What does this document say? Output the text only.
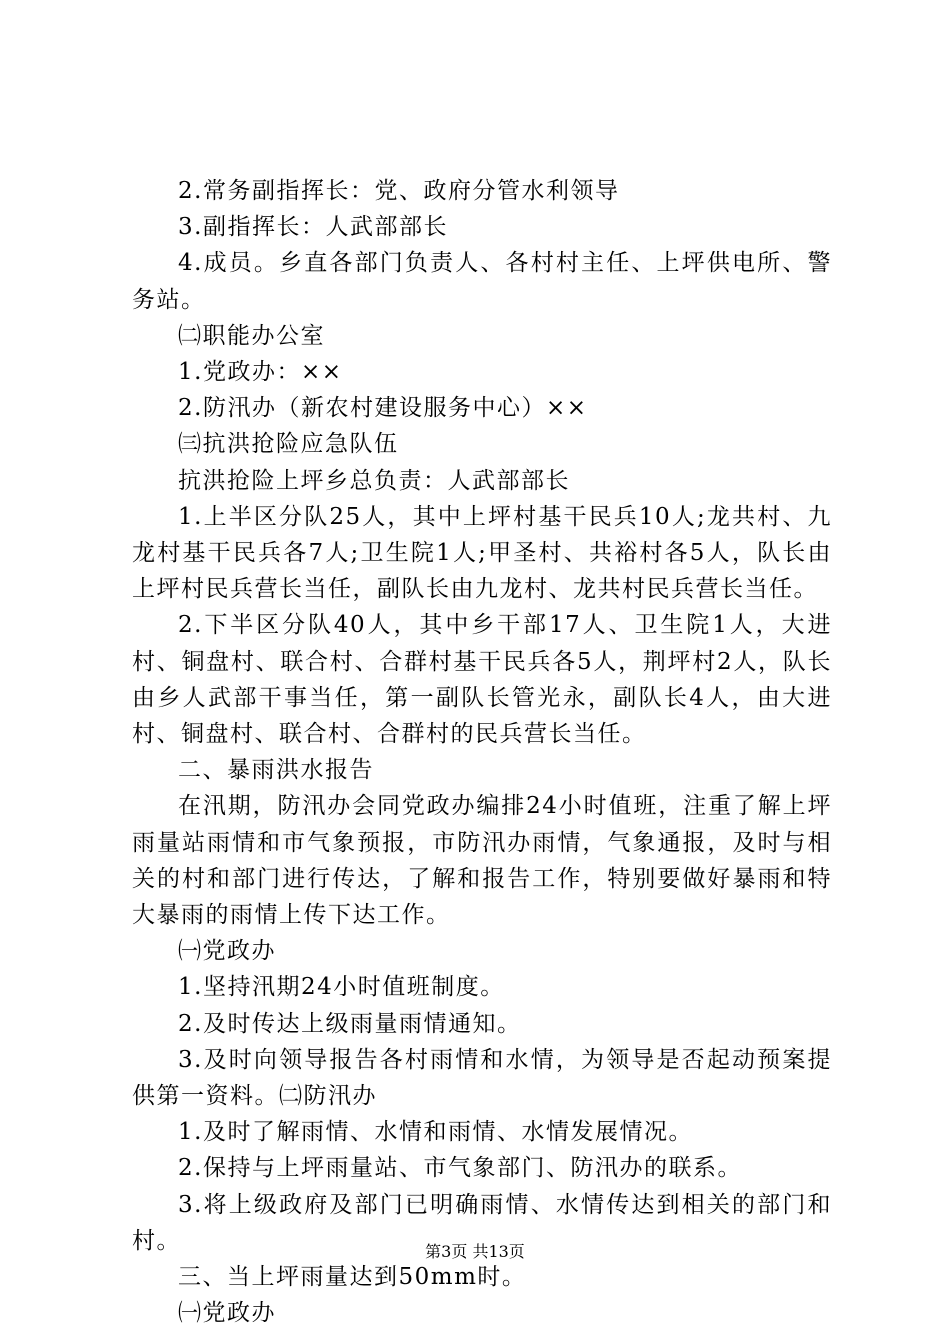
2.常务副指挥长：党、政府分管水利领导

3.副指挥长：人武部部长

4.成员。乡直各部门负责人、各村村主任、上坪供电所、警务站。

㈡职能办公室

1.党政办：××

2.防汛办（新农村建设服务中心）××

㈢抗洪抢险应急队伍

抗洪抢险上坪乡总负责：人武部部长

1.上半区分队25人，其中上坪村基干民兵10人;龙共村、九龙村基干民兵各7人;卫生院1人;甲圣村、共裕村各5人，队长由上坪村民兵营长当任，副队长由九龙村、龙共村民兵营长当任。

2.下半区分队40人，其中乡干部17人、卫生院1人，大进村、铜盘村、联合村、合群村基干民兵各5人，荆坪村2人，队长由乡人武部干事当任，第一副队长管光永，副队长4人，由大进村、铜盘村、联合村、合群村的民兵营长当任。

二、暴雨洪水报告

在汛期，防汛办会同党政办编排24小时值班，注重了解上坪雨量站雨情和市气象预报，市防汛办雨情，气象通报，及时与相关的村和部门进行传达，了解和报告工作，特别要做好暴雨和特大暴雨的雨情上传下达工作。

㈠党政办

1.坚持汛期24小时值班制度。

2.及时传达上级雨量雨情通知。

3.及时向领导报告各村雨情和水情，为领导是否起动预案提供第一资料。㈡防汛办

1.及时了解雨情、水情和雨情、水情发展情况。

2.保持与上坪雨量站、市气象部门、防汛办的联系。

3.将上级政府及部门已明确雨情、水情传达到相关的部门和村。

三、当上坪雨量达到50mm时。

㈠党政办

第3页 共13页
